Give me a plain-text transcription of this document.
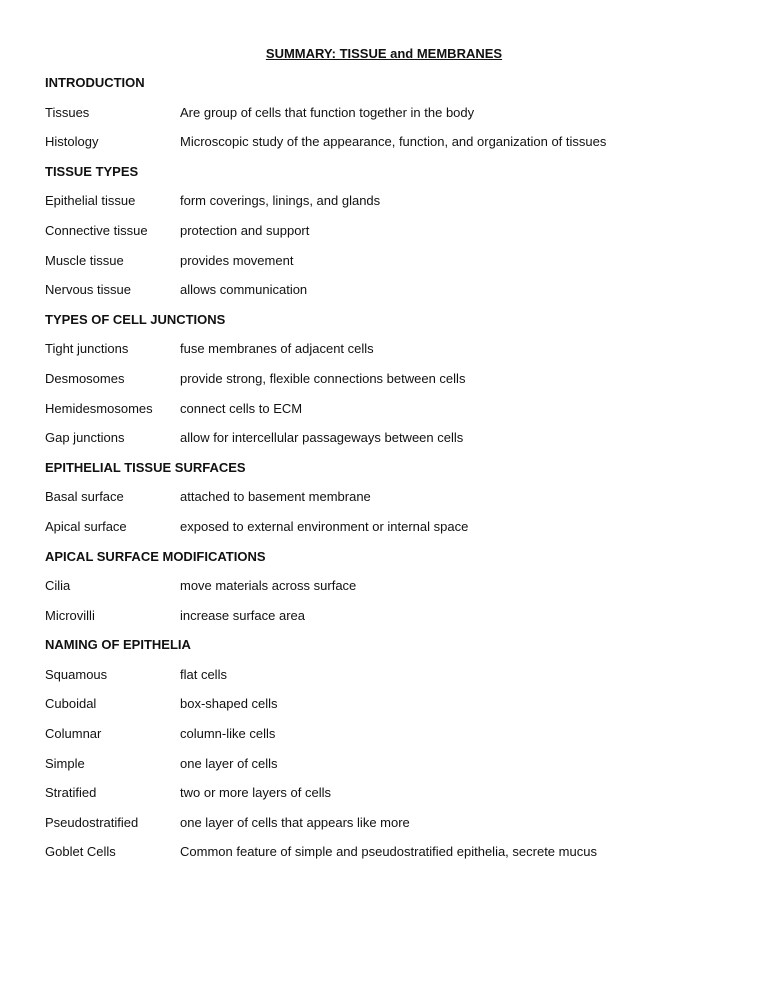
SUMMARY: TISSUE and MEMBRANES
INTRODUCTION
Tissues	Are group of cells that function together in the body
Histology	Microscopic study of the appearance, function, and organization of tissues
TISSUE TYPES
Epithelial tissue	form coverings, linings, and glands
Connective tissue	protection and support
Muscle tissue	provides movement
Nervous tissue	allows communication
TYPES OF CELL JUNCTIONS
Tight junctions	fuse membranes of adjacent cells
Desmosomes	provide strong, flexible connections between cells
Hemidesmosomes	connect cells to ECM
Gap junctions	allow for intercellular passageways between cells
EPITHELIAL TISSUE SURFACES
Basal surface	attached to basement membrane
Apical surface	exposed to external environment or internal space
APICAL SURFACE MODIFICATIONS
Cilia	move materials across surface
Microvilli	increase surface area
NAMING OF EPITHELIA
Squamous	flat cells
Cuboidal	box-shaped cells
Columnar	column-like cells
Simple	one layer of cells
Stratified	two or more layers of cells
Pseudostratified	one layer of cells that appears like more
Goblet Cells	Common feature of simple and pseudostratified epithelia, secrete mucus
